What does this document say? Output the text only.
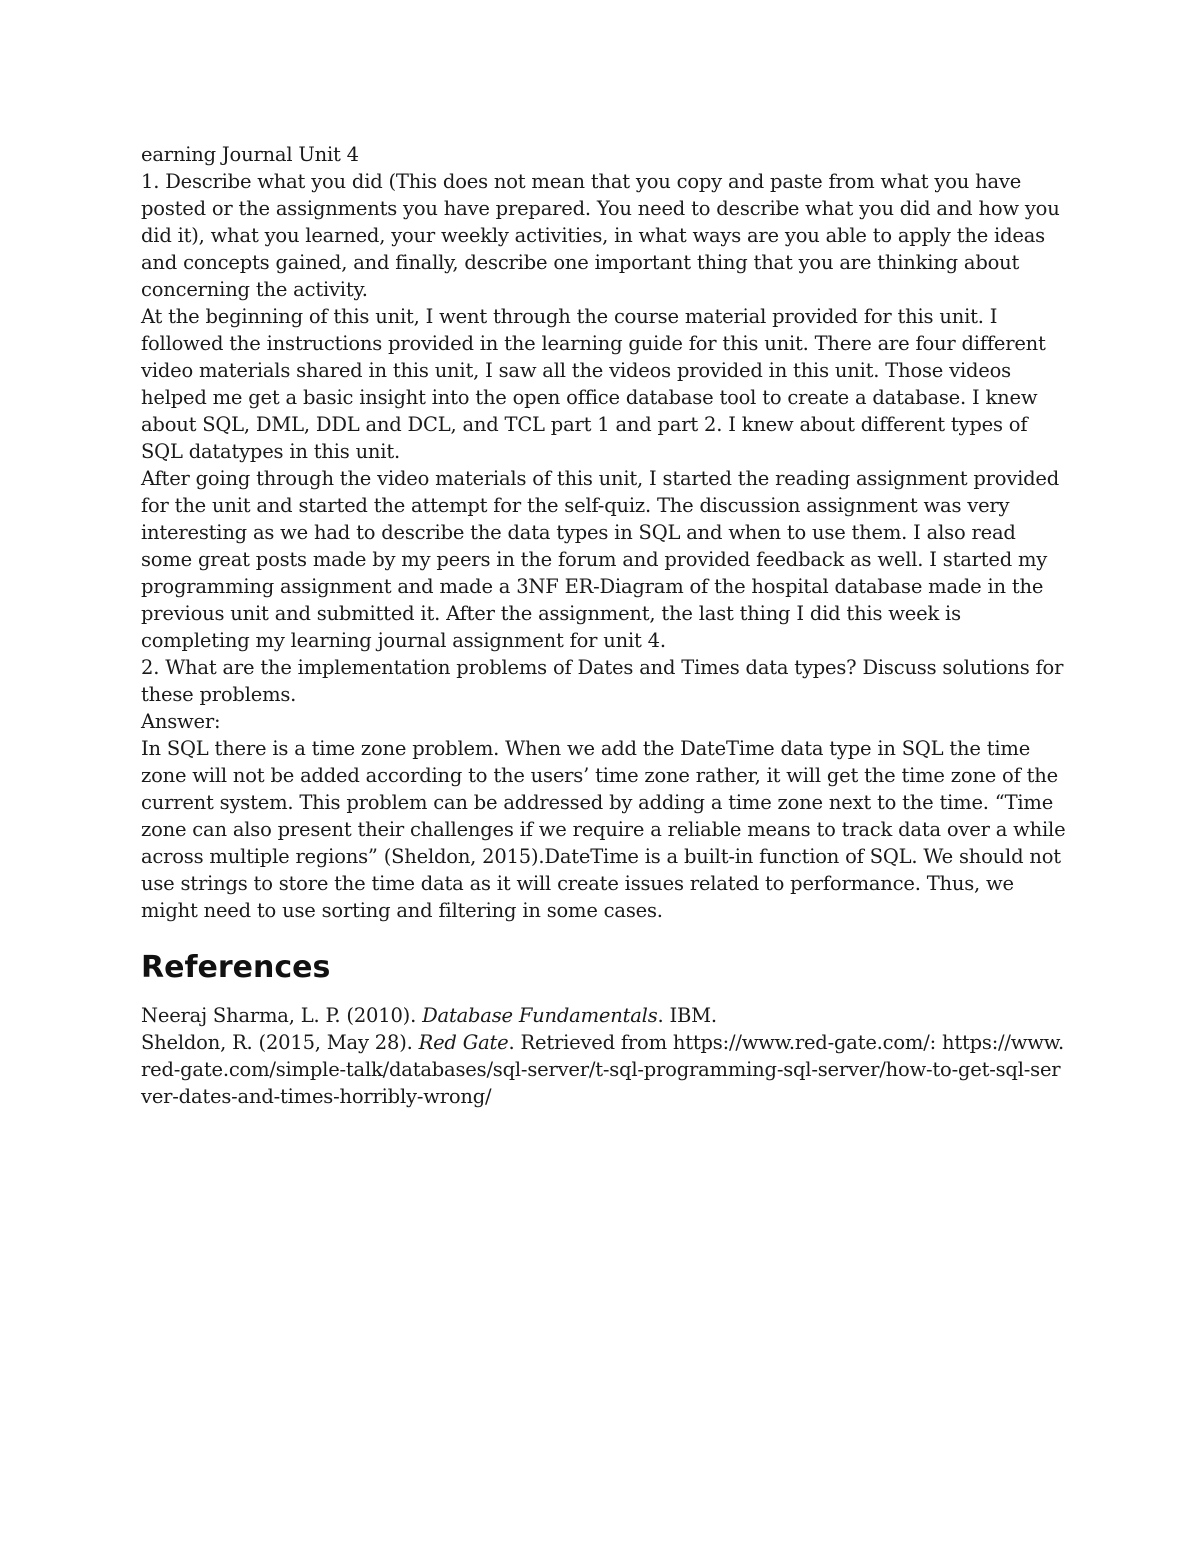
earning Journal Unit 4

1. Describe what you did (This does not mean that you copy and paste from what you have posted or the assignments you have prepared. You need to describe what you did and how you did it), what you learned, your weekly activities, in what ways are you able to apply the ideas and concepts gained, and finally, describe one important thing that you are thinking about concerning the activity.

At the beginning of this unit, I went through the course material provided for this unit. I followed the instructions provided in the learning guide for this unit. There are four different video materials shared in this unit, I saw all the videos provided in this unit. Those videos helped me get a basic insight into the open office database tool to create a database. I knew about SQL, DML, DDL and DCL, and TCL part 1 and part 2. I knew about different types of SQL datatypes in this unit.

After going through the video materials of this unit, I started the reading assignment provided for the unit and started the attempt for the self-quiz. The discussion assignment was very interesting as we had to describe the data types in SQL and when to use them. I also read some great posts made by my peers in the forum and provided feedback as well. I started my programming assignment and made a 3NF ER-Diagram of the hospital database made in the previous unit and submitted it. After the assignment, the last thing I did this week is completing my learning journal assignment for unit 4.

2. What are the implementation problems of Dates and Times data types? Discuss solutions for these problems.

Answer:

In SQL there is a time zone problem. When we add the DateTime data type in SQL the time zone will not be added according to the users’ time zone rather, it will get the time zone of the current system. This problem can be addressed by adding a time zone next to the time. “Time zone can also present their challenges if we require a reliable means to track data over a while across multiple regions” (Sheldon, 2015).DateTime is a built-in function of SQL. We should not use strings to store the time data as it will create issues related to performance. Thus, we might need to use sorting and filtering in some cases.

References

Neeraj Sharma, L. P. (2010). Database Fundamentals. IBM.

Sheldon, R. (2015, May 28). Red Gate. Retrieved from https://www.red-gate.com/: https://www.red-gate.com/simple-talk/databases/sql-server/t-sql-programming-sql-server/how-to-get-sql-server-dates-and-times-horribly-wrong/
